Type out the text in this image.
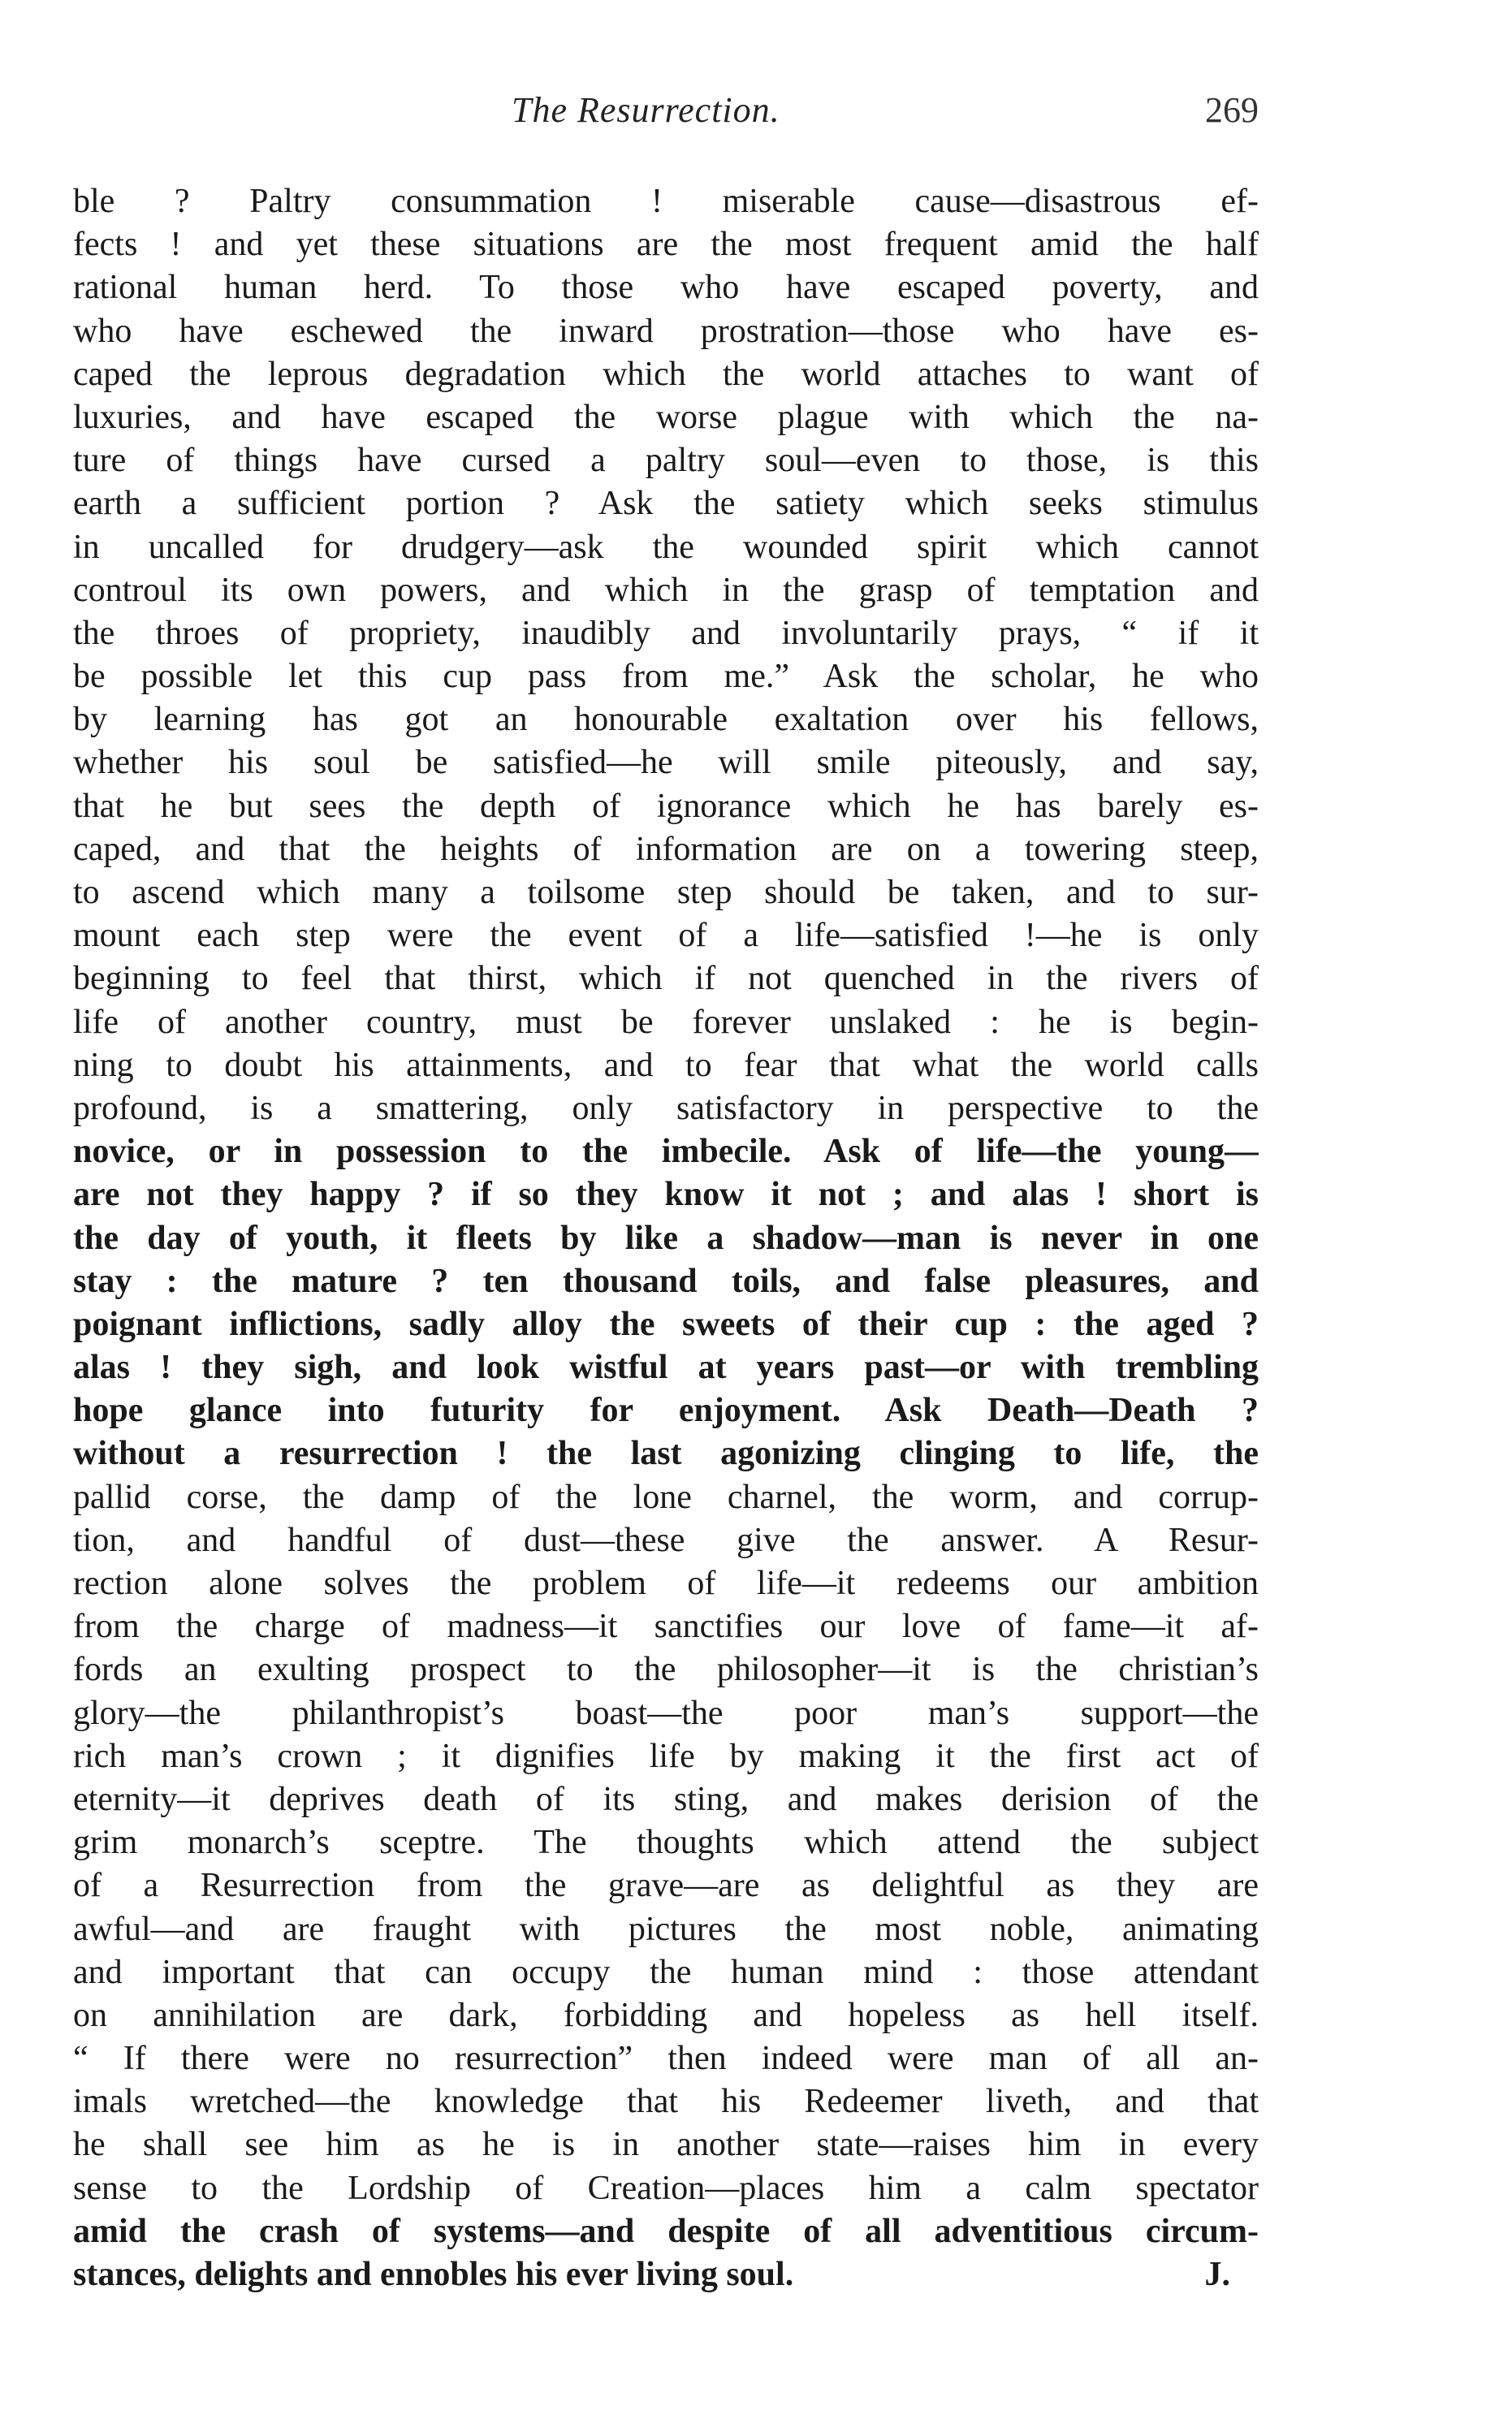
The Resurrection.	269
ble ? Paltry consummation ! miserable cause—disastrous ef-
fects ! and yet these situations are the most frequent amid the half
rational human herd. To those who have escaped poverty, and
who have eschewed the inward prostration—those who have es-
caped the leprous degradation which the world attaches to want of
luxuries, and have escaped the worse plague with which the na-
ture of things have cursed a paltry soul—even to those, is this
earth a sufficient portion ? Ask the satiety which seeks stimulus
in uncalled for drudgery—ask the wounded spirit which cannot
controul its own powers, and which in the grasp of temptation and
the throes of propriety, inaudibly and involuntarily prays, “ if it
be possible let this cup pass from me.” Ask the scholar, he who
by learning has got an honourable exaltation over his fellows,
whether his soul be satisfied—he will smile piteously, and say,
that he but sees the depth of ignorance which he has barely es-
caped, and that the heights of information are on a towering steep,
to ascend which many a toilsome step should be taken, and to sur-
mount each step were the event of a life—satisfied !—he is only
beginning to feel that thirst, which if not quenched in the rivers of
life of another country, must be forever unslaked : he is begin-
ning to doubt his attainments, and to fear that what the world calls
profound, is a smattering, only satisfactory in perspective to the
novice, or in possession to the imbecile. Ask of life—the young—
are not they happy ? if so they know it not ; and alas ! short is
the day of youth, it fleets by like a shadow—man is never in one
stay : the mature ? ten thousand toils, and false pleasures, and
poignant inflictions, sadly alloy the sweets of their cup : the aged ?
alas ! they sigh, and look wistful at years past—or with trembling
hope glance into futurity for enjoyment. Ask Death—Death ?
without a resurrection ! the last agonizing clinging to life, the
pallid corse, the damp of the lone charnel, the worm, and corrup-
tion, and handful of dust—these give the answer. A Resur-
rection alone solves the problem of life—it redeems our ambition
from the charge of madness—it sanctifies our love of fame—it af-
fords an exulting prospect to the philosopher—it is the christian’s
glory—the philanthropist’s boast—the poor man’s support—the
rich man’s crown ; it dignifies life by making it the first act of
eternity—it deprives death of its sting, and makes derision of the
grim monarch’s sceptre. The thoughts which attend the subject
of a Resurrection from the grave—are as delightful as they are
awful—and are fraught with pictures the most noble, animating
and important that can occupy the human mind : those attendant
on annihilation are dark, forbidding and hopeless as hell itself.
“ If there were no resurrection” then indeed were man of all an-
imals wretched—the knowledge that his Redeemer liveth, and that
he shall see him as he is in another state—raises him in every
sense to the Lordship of Creation—places him a calm spectator
amid the crash of systems—and despite of all adventitious circum-
stances, delights and ennobles his ever living soul.	J.
